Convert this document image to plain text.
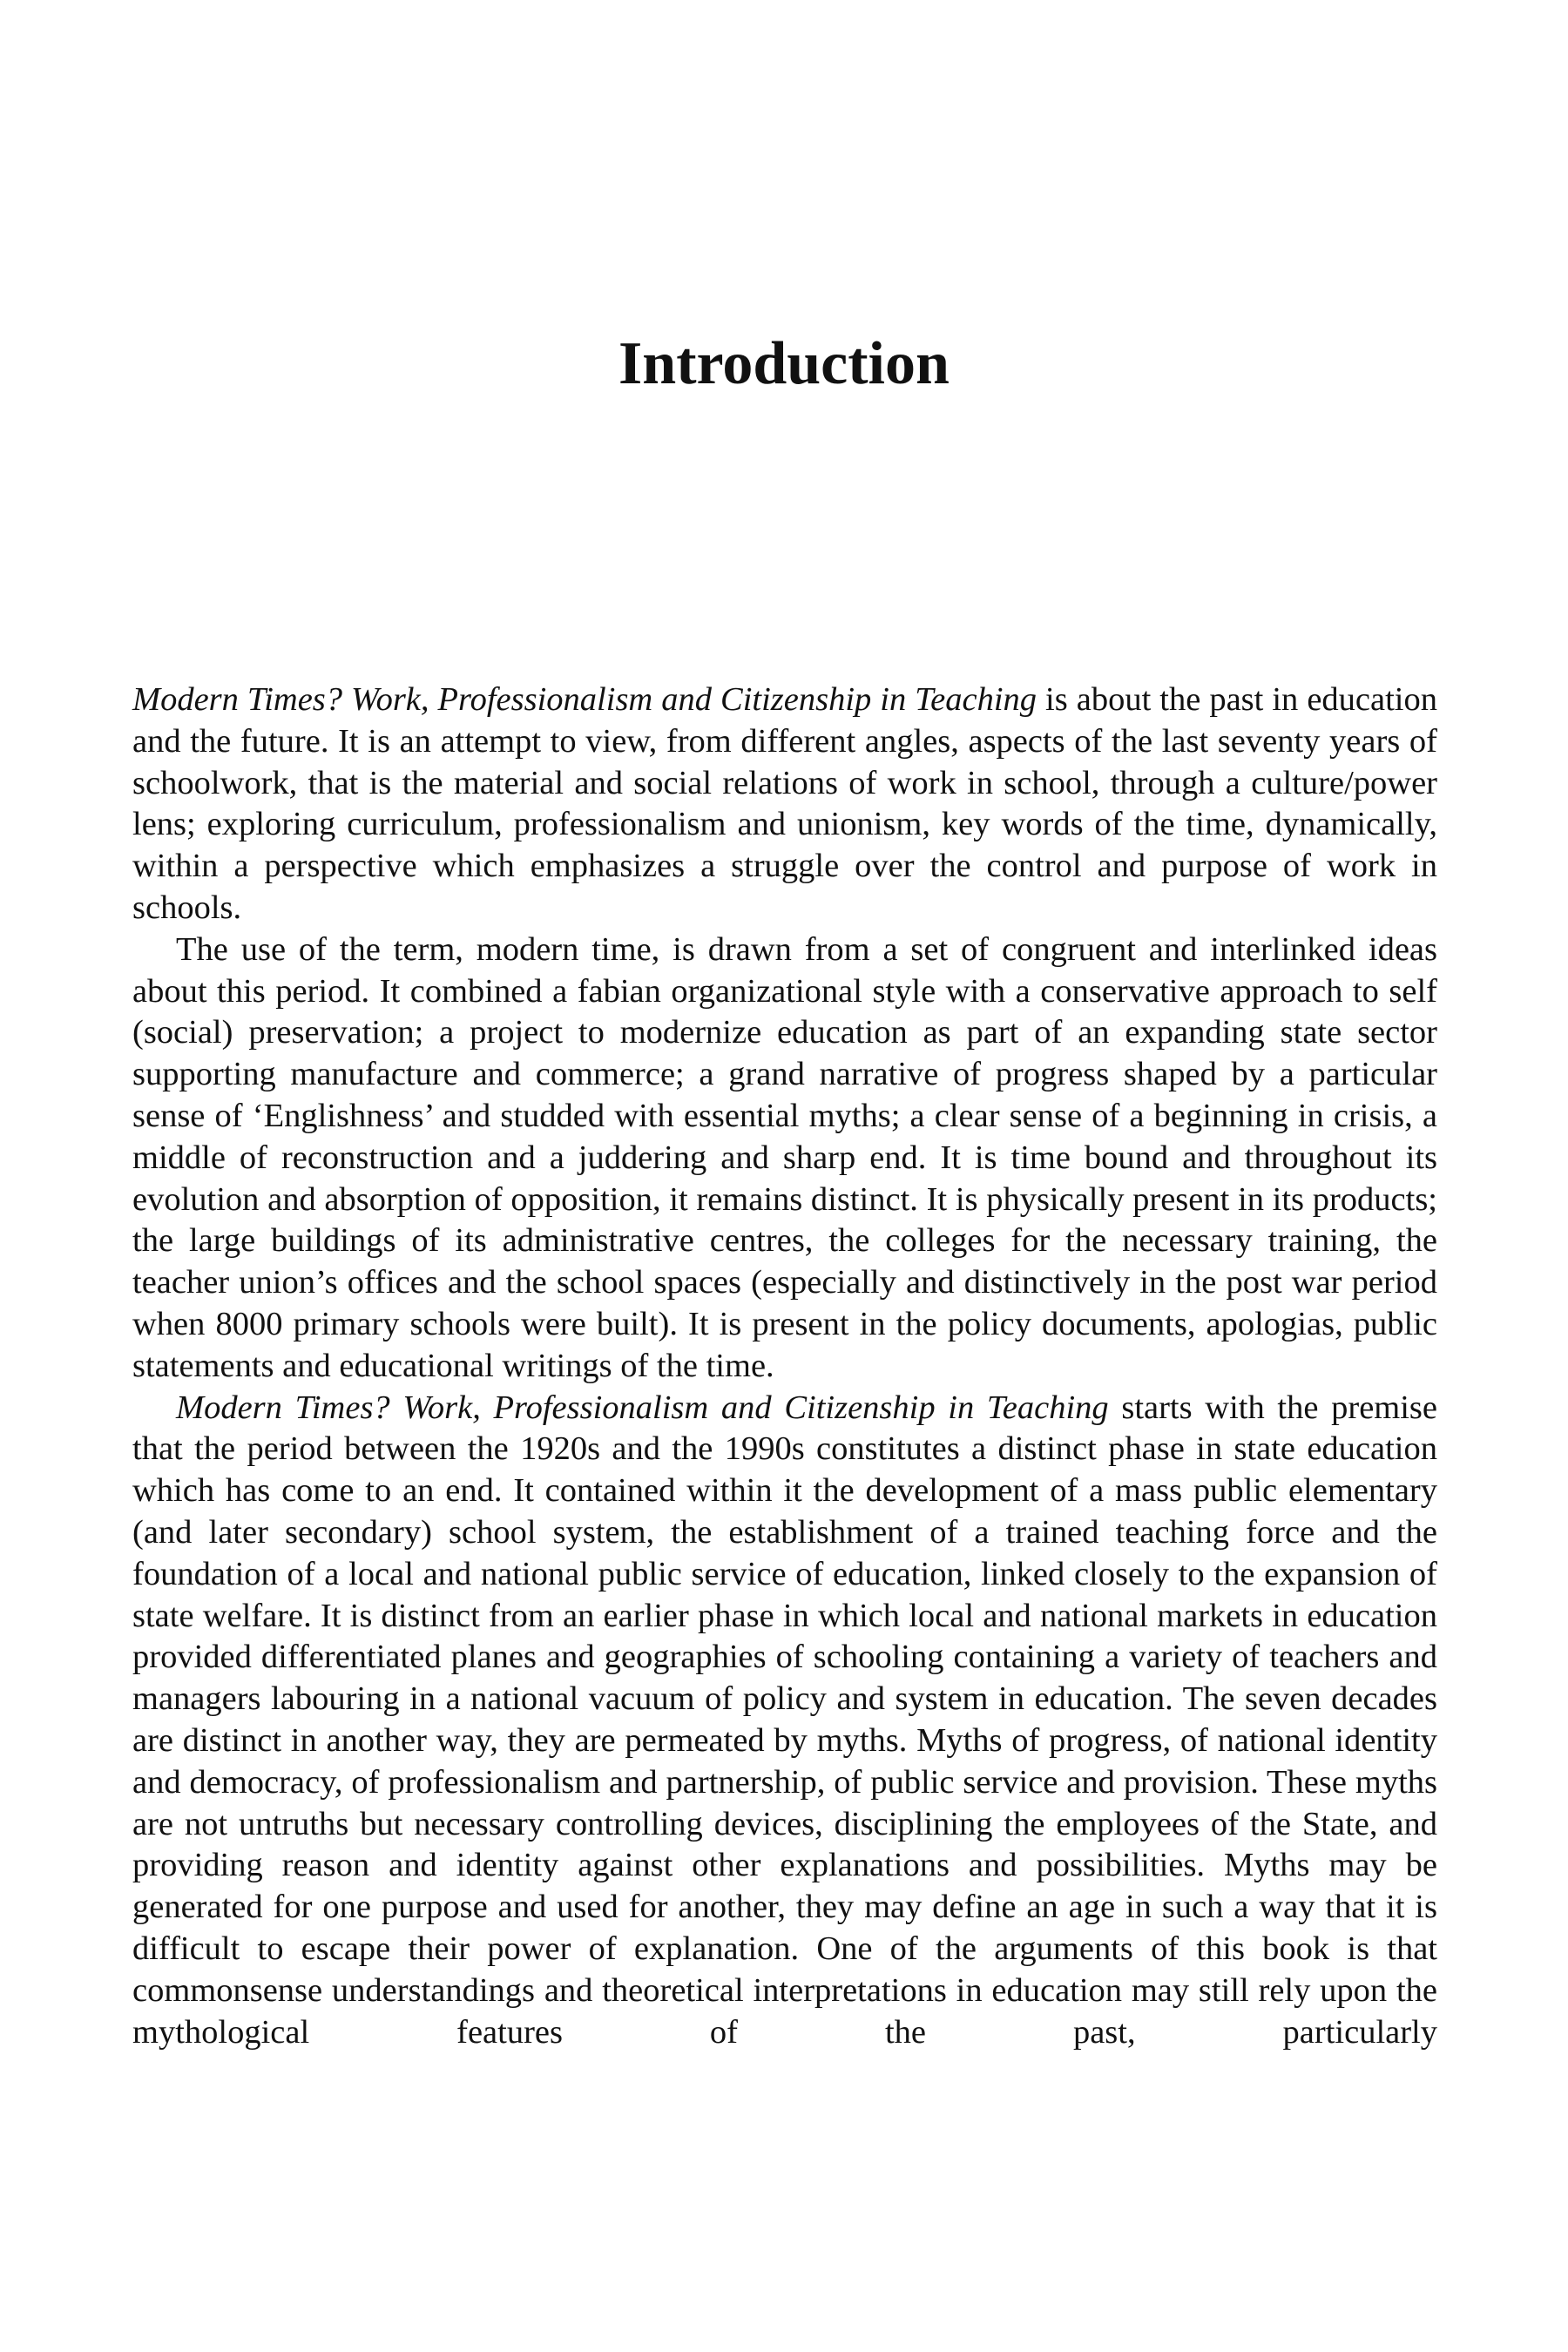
Introduction

Modern Times? Work, Professionalism and Citizenship in Teaching is about the past in education and the future. It is an attempt to view, from different angles, aspects of the last seventy years of schoolwork, that is the material and social relations of work in school, through a culture/power lens; exploring curriculum, professionalism and unionism, key words of the time, dynamically, within a perspective which emphasizes a struggle over the control and purpose of work in schools.

The use of the term, modern time, is drawn from a set of congruent and interlinked ideas about this period. It combined a fabian organizational style with a conservative approach to self (social) preservation; a project to modernize education as part of an expanding state sector supporting manufacture and commerce; a grand narrative of progress shaped by a particular sense of ‘Englishness’ and studded with essential myths; a clear sense of a beginning in crisis, a middle of reconstruction and a juddering and sharp end. It is time bound and throughout its evolution and absorption of opposition, it remains distinct. It is physically present in its products; the large buildings of its administrative centres, the colleges for the necessary training, the teacher union’s offices and the school spaces (especially and distinctively in the post war period when 8000 primary schools were built). It is present in the policy documents, apologias, public statements and educational writings of the time.

Modern Times? Work, Professionalism and Citizenship in Teaching starts with the premise that the period between the 1920s and the 1990s constitutes a distinct phase in state education which has come to an end. It contained within it the development of a mass public elementary (and later secondary) school system, the establishment of a trained teaching force and the foundation of a local and national public service of education, linked closely to the expansion of state welfare. It is distinct from an earlier phase in which local and national markets in education provided differentiated planes and geographies of schooling containing a variety of teachers and managers labouring in a national vacuum of policy and system in education. The seven decades are distinct in another way, they are permeated by myths. Myths of progress, of national identity and democracy, of professionalism and partnership, of public service and provision. These myths are not untruths but necessary controlling devices, disciplining the employees of the State, and providing reason and identity against other explanations and possibilities. Myths may be generated for one purpose and used for another, they may define an age in such a way that it is difficult to escape their power of explanation. One of the arguments of this book is that commonsense understandings and theoretical interpretations in education may still rely upon the mythological features of the past, particularly
